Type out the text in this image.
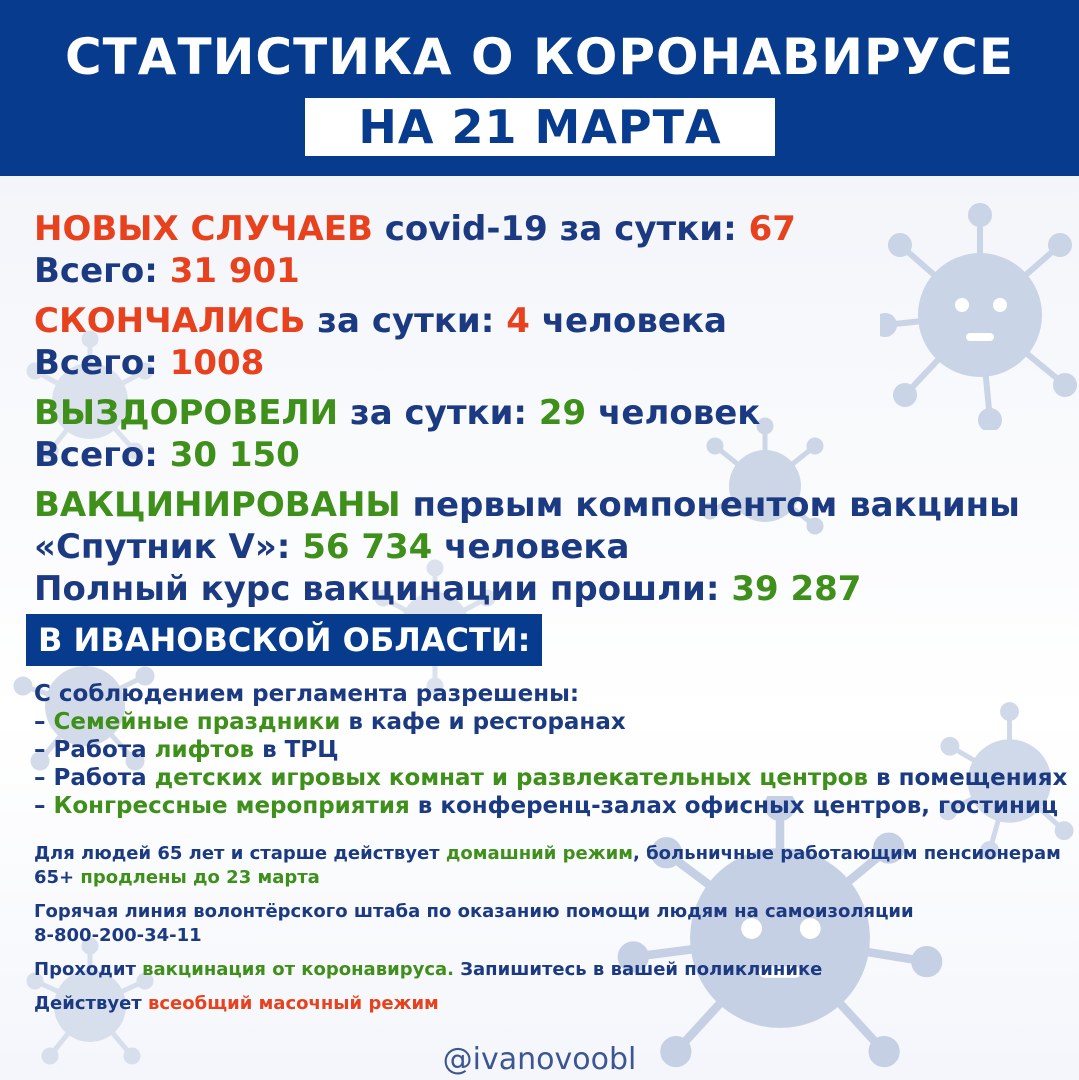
СТАТИСТИКА О КОРОНАВИРУСЕ
НА 21 МАРТА
НОВЫХ СЛУЧАЕВ covid-19 за сутки: 67
Всего: 31 901
СКОНЧАЛИСЬ за сутки: 4 человека
Всего: 1008
ВЫЗДОРОВЕЛИ за сутки: 29 человек
Всего: 30 150
ВАКЦИНИРОВАНЫ первым компонентом вакцины
«Спутник V»: 56 734 человека
Полный курс вакцинации прошли: 39 287
В ИВАНОВСКОЙ ОБЛАСТИ:
С соблюдением регламента разрешены:
– Семейные праздники в кафе и ресторанах
– Работа лифтов в ТРЦ
– Работа детских игровых комнат и развлекательных центров в помещениях
– Конгрессные мероприятия в конференц-залах офисных центров, гостиниц
Для людей 65 лет и старше действует домашний режим, больничные работающим пенсионерам
65+ продлены до 23 марта
Горячая линия волонтёрского штаба по оказанию помощи людям на самоизоляции
8-800-200-34-11
Проходит вакцинация от коронавируса. Запишитесь в вашей поликлинике
Действует всеобщий масочный режим
@ivanovoobl
